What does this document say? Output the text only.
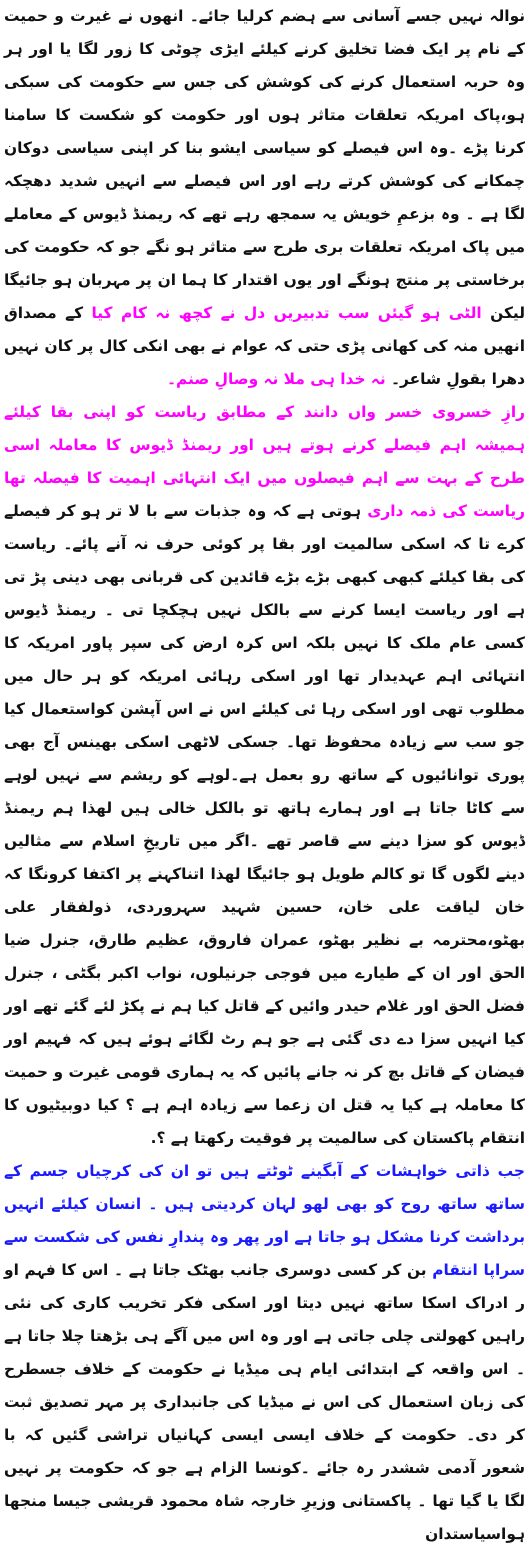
نوالہ نہیں جسے آسانی سے ہضم کرلیا جائے۔ انھوں نے غیرت و حمیت کے نام پر ایک فضا تخلیق کرنے کیلئے ایڑی چوٹی کا زور لگا یا اور ہر وہ حربہ استعمال کرنے کی کوشش کی جس سے حکومت کی سبکی ہو،پاک امریکہ تعلقات متاثر ہوں اور حکومت کو شکست کا سامنا کرنا پڑے ۔وہ اس فیصلے کو سیاسی ایشو بنا کر اپنی سیاسی دوکان چمکانے کی کوشش کرتے رہے اور اس فیصلے سے انہیں شدید دھچکہ لگا ہے ۔ وہ بزعمِ خویش یہ سمجھ رہے تھے کہ ریمنڈ ڈیوس کے معاملے میں پاک امریکہ تعلقات بری طرح سے متاثر ہو نگے جو کہ حکومت کی برخاستی پر منتج ہونگے اور یوں اقتدار کا ہما ان پر مہربان ہو جائیگا لیکن الٹی ہو گیئں سب تدبیریں دل نے کچھ نہ کام کیا کے مصداق انھیں منہ کی کھانی پڑی حتی کہ عوام نے بھی انکی کال پر کان نہیں دھرا بقولِ شاعر۔ نہ خدا ہی ملا نہ وصالِ صنم۔

رازِ خسروی خسر واں دانند کے مطابق ریاست کو اپنی بقا کیلئے ہمیشہ اہم فیصلے کرنے ہوتے ہیں اور ریمنڈ ڈیوس کا معاملہ اسی طرح کے بہت سے اہم فیصلوں میں ایک انتہائی اہمیت کا فیصلہ تھا ریاست کی ذمہ داری ہوتی ہے کہ وہ جذبات سے با لا تر ہو کر فیصلے کرے تا کہ اسکی سالمیت اور بقا پر کوئی حرف نہ آنے پائے۔ ریاست کی بقا کیلئے کبھی کبھی بڑے بڑے قائدین کی قربانی بھی دینی پڑ تی ہے اور ریاست ایسا کرنے سے بالکل نہیں ہچکچا تی ۔ ریمنڈ ڈیوس کسی عام ملک کا نہیں بلکہ اس کرہ ارض کی سپر پاور امریکہ کا انتہائی اہم عہدیدار تھا اور اسکی رہائی امریکہ کو ہر حال میں مطلوب تھی اور اسکی رہا ئی کیلئے اس نے اس آپشن کواستعمال کیا جو سب سے زیادہ محفوظ تھا۔ جسکی لاٹھی اسکی بھینس آج بھی پوری توانائیوں کے ساتھ رو بعمل ہے۔لوہے کو ریشم سے نہیں لوہے سے کاٹا جاتا ہے اور ہمارے ہاتھ تو بالکل خالی ہیں لھذا ہم ریمنڈ ڈیوس کو سزا دینے سے قاصر تھے ۔اگر میں تاریخِ اسلام سے مثالیں دینے لگوں گا تو کالم طویل ہو جائیگا لھذا اتناکہنے پر اکتفا کرونگا کہ خان لیاقت علی خان، حسین شہید سہروردی، ذولفقار علی بھٹو،محترمہ بے نظیر بھٹو، عمران فاروق، عظیم طارق، جنرل ضیا الحق اور ان کے طیارے میں فوجی جرنیلوں، نواب اکبر بگٹی ، جنرل فضل الحق اور غلام حیدر وائیں کے قاتل کیا ہم نے پکڑ لئے گئے تھے اور کیا انہیں سزا دے دی گئی ہے جو ہم رٹ لگائے ہوئے ہیں کہ فہیم اور فیضان کے قاتل بچ کر نہ جانے پائیں کہ یہ ہماری قومی غیرت و حمیت کا معاملہ ہے کیا یہ قتل ان زعما سے زیادہ اہم ہے ؟ کیا دوبیٹیوں کا انتقام پاکستان کی سالمیت پر فوقیت رکھتا ہے ؟.

جب ذاتی خواہشات کے آبگینے ٹوٹتے ہیں تو ان کی کرچیاں جسم کے ساتھ ساتھ روح کو بھی لھو لہان کردیتی ہیں ۔ انسان کیلئے انہیں برداشت کرنا مشکل ہو جاتا ہے اور پھر وہ پندارِ نفس کی شکست سے سراپا انتقام بن کر کسی دوسری جانب بھٹک جاتا ہے ۔ اس کا فہم او ر ادراک اسکا ساتھ نہیں دیتا اور اسکی فکر تخریب کاری کی نئی راہیں کھولتی چلی جاتی ہے اور وہ اس میں آگے ہی بڑھتا چلا جاتا ہے ۔ اس واقعہ کے ابتدائی ایام ہی میڈیا نے حکومت کے خلاف جسطرح کی زبان استعمال کی اس نے میڈیا کی جانبداری پر مہر تصدیق ثبت کر دی۔ حکومت کے خلاف ایسی ایسی کہانیاں تراشی گئیں کہ با شعور آدمی ششدر رہ جائے ۔کونسا الزام ہے جو کہ حکومت پر نہیں لگا یا گیا تھا ۔ پاکستانی وزیرِ خارجہ شاہ محمود قریشی جیسا منجھا ہواسیاستدان
